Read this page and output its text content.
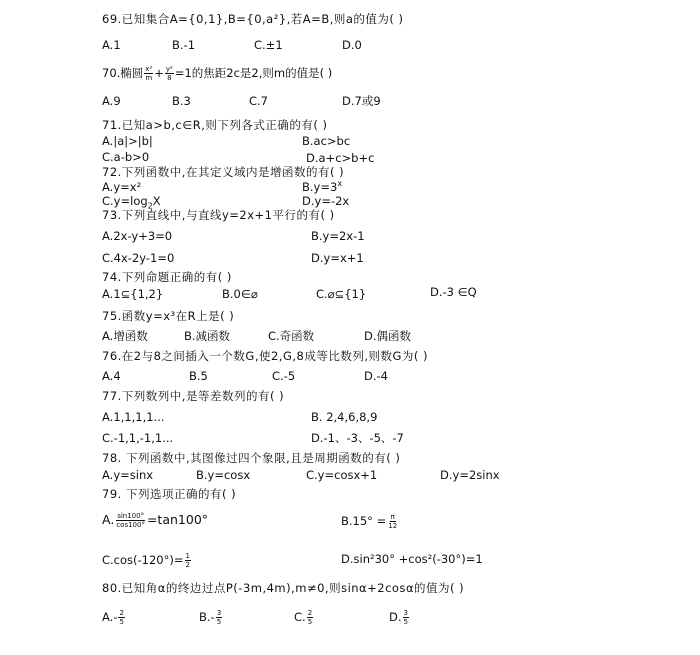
69.已知集合A={0,1},B={0,a²},若A=B,则a的值为( )
A.1	B.-1	C.±1	D.0
70.椭圆 $\frac{\text{x²}}{m} + \frac{\text{y²}}{8} =1$的焦距2c是2,则m的值是( )
A.9	B.3	C.7	D.7或9
71.已知a>b,c∈R,则下列各式正确的有( )
A.|a|>|b|	B.ac>bc
C.a-b>0	D.a+c>b+c
72.下列函数中,在其定义域内是增函数的有( )
A.y=x²	$B.y=3^x$
$C.y=\log_2X$	D.y=-2x
73.下列直线中,与直线y=2x+1平行的有( )
A.2x-y+3=0	B.y=2x-1
C.4x-2y-1=0	D.y=x+1
74.下列命题正确的有( )
A.1⊆{1,2}	B.0∈⌀	C.⌀⊆{1}	D.-3 ∈Q
75.函数y=x³在R上是( )
A.增函数	B.减函数	C.奇函数	D.偶函数
76.在2与8之间插入一个数G,使2,G,8成等比数列,则数G为( )
A.4	B.5	C.-5	D.-4
77.下列数列中,是等差数列的有( )
A.1,1,1,1...	B. 2,4,6,8,9
C.-1,1,-1,1...	D.-1、-3、-5、-7
78. 下列函数中,其图像过四个象限,且是周期函数的有( )
A.y=sinx	B.y=cosx	C.y=cosx+1	D.y=2sinx
79. 下列选项正确的有( )
A. $\frac{\sin 100^\circ}{\cos 100^\circ} =\tan 100^\circ$	$B.15^\circ = \frac{\pi}{12}$
$C.\cos(-120^\circ)= \frac{1}{2}$	D.sin²30° +cos²(-30°)=1
80.已知角α的终边过点P(-3m,4m),m≠0,则sinα+2cosα的值为( )
$A.- \frac{2}{5}$	$B.- \frac{3}{5}$	C. $\frac{2}{5}$	D. $\frac{3}{5}$
